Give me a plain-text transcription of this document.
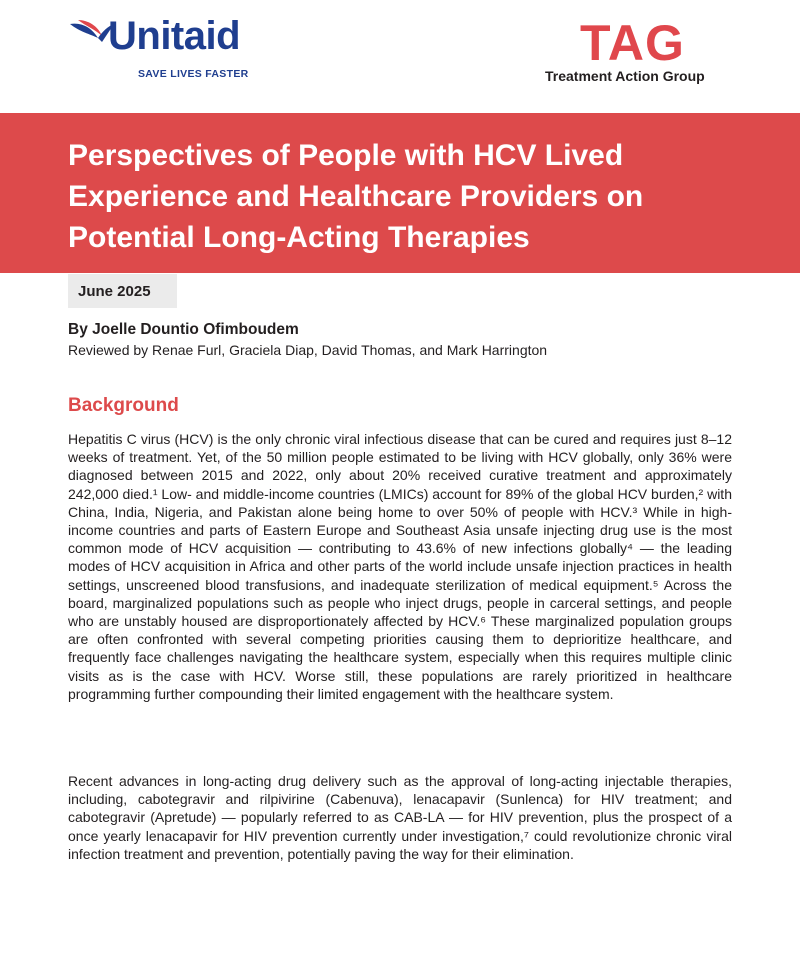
Unitaid
SAVE LIVES FASTER
TAG
Treatment Action Group
Perspectives of People with HCV Lived Experience and Healthcare Providers on Potential Long-Acting Therapies
June 2025
By Joelle Dountio Ofimboudem
Reviewed by Renae Furl, Graciela Diap, David Thomas, and Mark Harrington
Background

Hepatitis C virus (HCV) is the only chronic viral infectious disease that can be cured and requires just 8–12 weeks of treatment. Yet, of the 50 million people estimated to be living with HCV globally, only 36% were diagnosed between 2015 and 2022, only about 20% received curative treatment and approximately 242,000 died.¹ Low- and middle-income countries (LMICs) account for 89% of the global HCV burden,² with China, India, Nigeria, and Pakistan alone being home to over 50% of people with HCV.³ While in high-income countries and parts of Eastern Europe and Southeast Asia unsafe injecting drug use is the most common mode of HCV acquisition — contributing to 43.6% of new infections globally⁴ — the leading modes of HCV acquisition in Africa and other parts of the world include unsafe injection practices in health settings, unscreened blood transfusions, and inadequate sterilization of medical equipment.⁵ Across the board, marginalized populations such as people who inject drugs, people in carceral settings, and people who are unstably housed are disproportionately affected by HCV.⁶ These marginalized population groups are often confronted with several competing priorities causing them to deprioritize healthcare, and frequently face challenges navigating the healthcare system, especially when this requires multiple clinic visits as is the case with HCV. Worse still, these populations are rarely prioritized in healthcare programming further compounding their limited engagement with the healthcare system.

Recent advances in long-acting drug delivery such as the approval of long-acting injectable therapies, including, cabotegravir and rilpivirine (Cabenuva), lenacapavir (Sunlenca) for HIV treatment; and cabotegravir (Apretude) — popularly referred to as CAB-LA — for HIV prevention, plus the prospect of a once yearly lenacapavir for HIV prevention currently under investigation,⁷ could revolutionize chronic viral infection treatment and prevention, potentially paving the way for their elimination.
